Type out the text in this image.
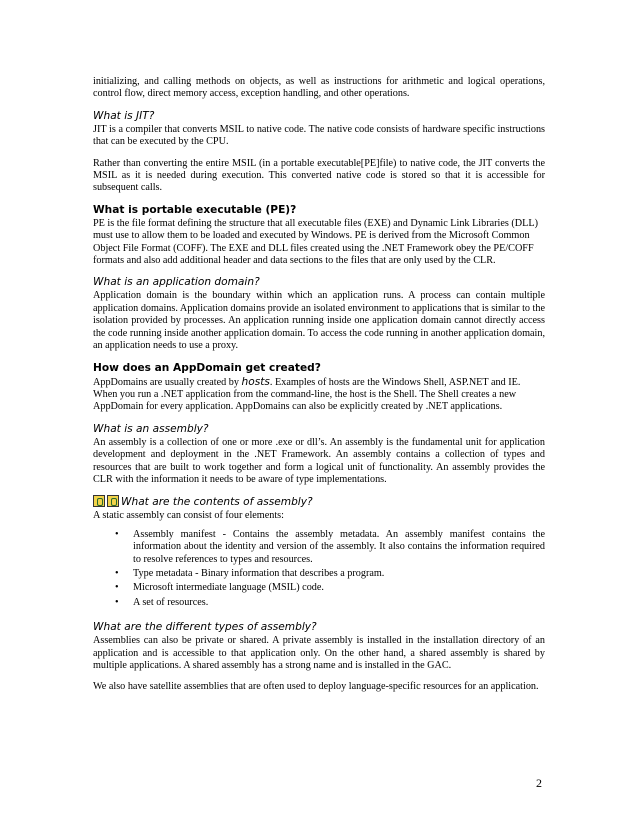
initializing, and calling methods on objects, as well as instructions for arithmetic and logical operations, control flow, direct memory access, exception handling, and other operations.

What is JIT?

JIT is a compiler that converts MSIL to native code. The native code consists of hardware specific instructions that can be executed by the CPU.

Rather than converting the entire MSIL (in a portable executable[PE]file) to native code, the JIT converts the MSIL as it is needed during execution. This converted native code is stored so that it is accessible for subsequent calls.

What is portable executable (PE)?

PE is the file format defining the structure that all executable files (EXE) and Dynamic Link Libraries (DLL) must use to allow them to be loaded and executed by Windows. PE is derived from the Microsoft Common Object File Format (COFF). The EXE and DLL files created using the .NET Framework obey the PE/COFF formats and also add additional header and data sections to the files that are only used by the CLR.

What is an application domain?

Application domain is the boundary within which an application runs. A process can contain multiple application domains. Application domains provide an isolated environment to applications that is similar to the isolation provided by processes. An application running inside one application domain cannot directly access the code running inside another application domain. To access the code running in another application domain, an application needs to use a proxy.

How does an AppDomain get created?

AppDomains are usually created by hosts. Examples of hosts are the Windows Shell, ASP.NET and IE. When you run a .NET application from the command-line, the host is the Shell. The Shell creates a new AppDomain for every application. AppDomains can also be explicitly created by .NET applications.

What is an assembly?

An assembly is a collection of one or more .exe or dll’s. An assembly is the fundamental unit for application development and deployment in the .NET Framework. An assembly contains a collection of types and resources that are built to work together and form a logical unit of functionality. An assembly provides the CLR with the information it needs to be aware of type implementations.

What are the contents of assembly?

A static assembly can consist of four elements:

• Assembly manifest - Contains the assembly metadata. An assembly manifest contains the information about the identity and version of the assembly. It also contains the information required to resolve references to types and resources.
• Type metadata - Binary information that describes a program.
• Microsoft intermediate language (MSIL) code.
• A set of resources.
What are the different types of assembly?

Assemblies can also be private or shared. A private assembly is installed in the installation directory of an application and is accessible to that application only. On the other hand, a shared assembly is shared by multiple applications. A shared assembly has a strong name and is installed in the GAC.

We also have satellite assemblies that are often used to deploy language-specific resources for an application.

2
